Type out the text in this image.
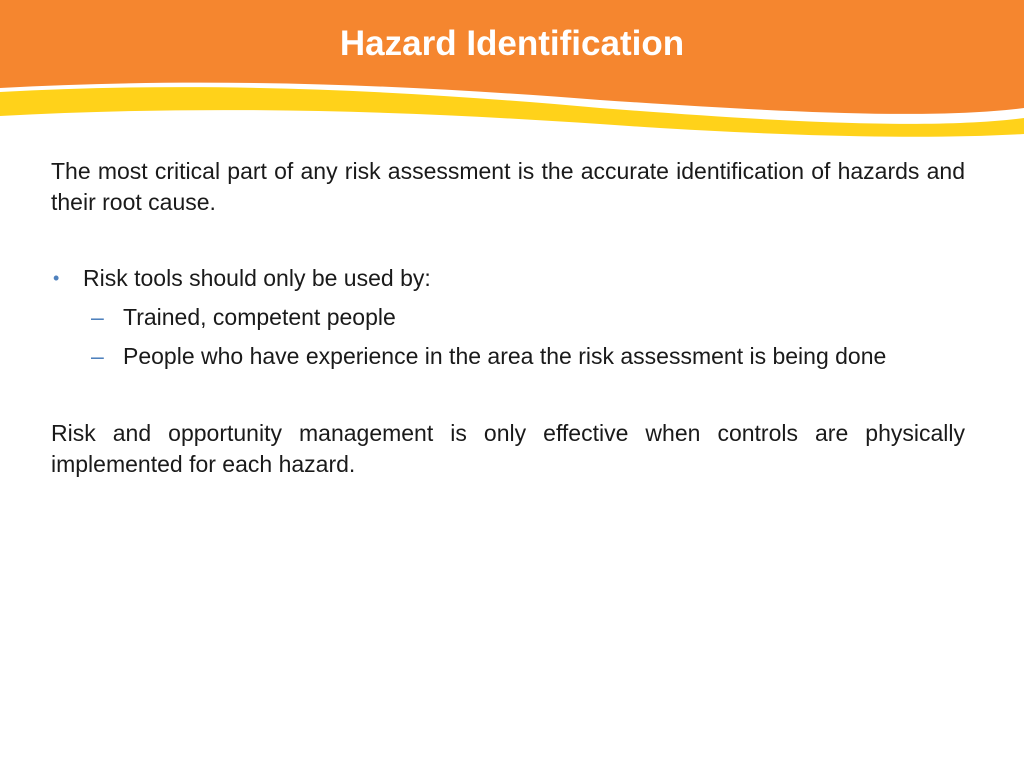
Hazard Identification

The most critical part of any risk assessment is the accurate identification of hazards and their root cause.

• Risk tools should only be used by:
– Trained, competent people
– People who have experience in the area the risk assessment is being done

Risk and opportunity management is only effective when controls are physically implemented for each hazard.
